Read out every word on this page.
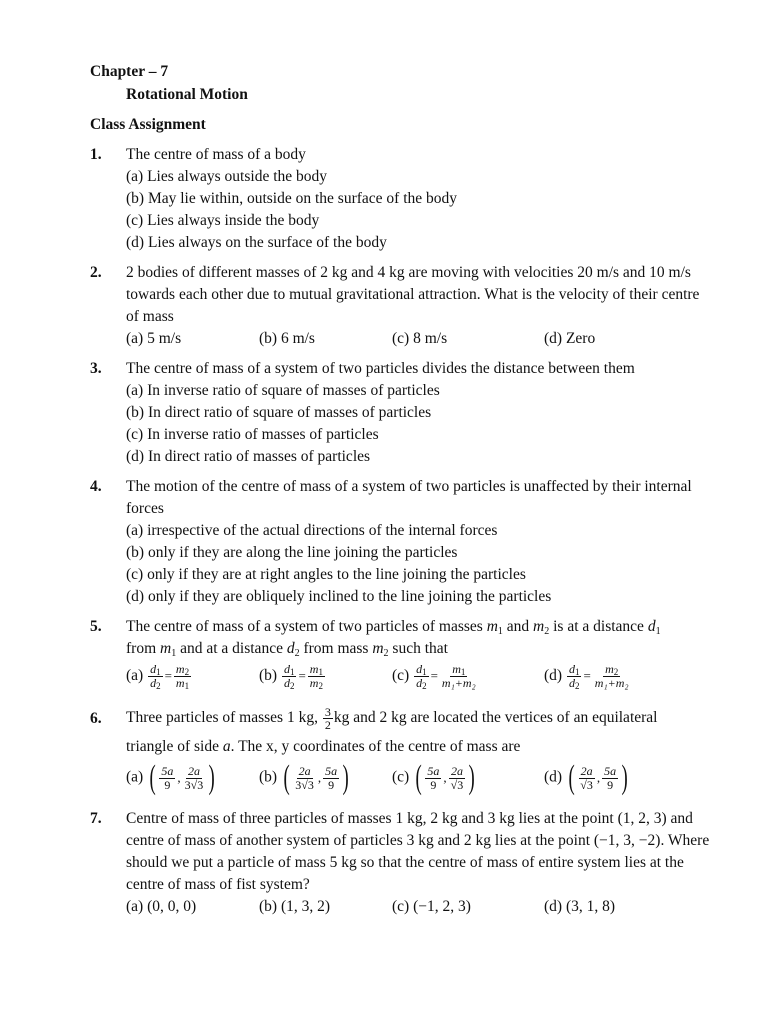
Chapter – 7
Rotational Motion
Class Assignment
1. The centre of mass of a body
(a) Lies always outside the body
(b) May lie within, outside on the surface of the body
(c) Lies always inside the body
(d) Lies always on the surface of the body
2. 2 bodies of different masses of 2 kg and 4 kg are moving with velocities 20 m/s and 10 m/s towards each other due to mutual gravitational attraction. What is the velocity of their centre of mass
(a) 5 m/s	(b) 6 m/s	(c) 8 m/s	(d) Zero
3. The centre of mass of a system of two particles divides the distance between them
(a) In inverse ratio of square of masses of particles
(b) In direct ratio of square of masses of particles
(c) In inverse ratio of masses of particles
(d) In direct ratio of masses of particles
4. The motion of the centre of mass of a system of two particles is unaffected by their internal forces
(a) irrespective of the actual directions of the internal forces
(b) only if they are along the line joining the particles
(c) only if they are at right angles to the line joining the particles
(d) only if they are obliquely inclined to the line joining the particles
5. The centre of mass of a system of two particles of masses $m_1$ and $m_2$ is at a distance $d_1$
from $m_1$ and at a distance $d_2$ from mass $m_2$ such that
$(a) \frac{d_1}{d_2} = \frac{m_2}{m_1}$	$(b) \frac{d_1}{d_2} = \frac{m_1}{m_2}$	$(c) \frac{d_1}{d_2} = \frac{m_1}{\text{m₁+m₂}}$	$(d) \frac{d_1}{d_2} = \frac{m_2}{\text{m₁+m₂}}$
6. Three particles of masses 1 kg, $\frac{3}{2}$ kg and 2 kg are located the vertices of an equilateral
triangle of side a. The x, y coordinates of the centre of mass are
(a) ( $\frac{5a}{9}$ , $\frac{2a}{3√3}$ )	(b) ( $\frac{2a}{3√3}$ , $\frac{5a}{9}$ )	(c) ( $\frac{5a}{9}$ , $\frac{2a}{√3}$ )	(d) ( $\frac{2a}{√3}$ , $\frac{5a}{9}$ )
7. Centre of mass of three particles of masses 1 kg, 2 kg and 3 kg lies at the point (1, 2, 3) and centre of mass of another system of particles 3 kg and 2 kg lies at the point (−1, 3, −2). Where should we put a particle of mass 5 kg so that the centre of mass of entire system lies at the centre of mass of fist system?
(a) (0, 0, 0)	(b) (1, 3, 2)	(c) (−1, 2, 3)	(d) (3, 1, 8)
